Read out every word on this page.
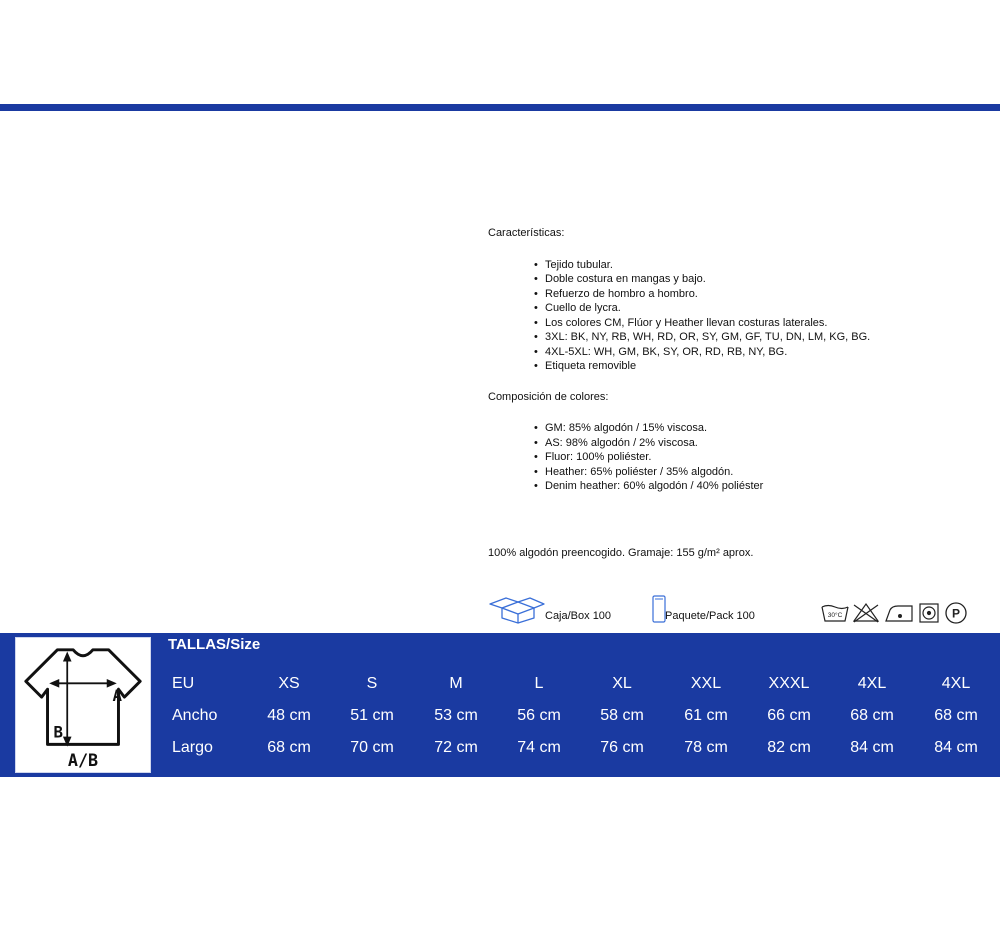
Características:
• Tejido tubular.
• Doble costura en mangas y bajo.
• Refuerzo de hombro a hombro.
• Cuello de lycra.
• Los colores CM, Flúor y Heather llevan costuras laterales.
• 3XL: BK, NY, RB, WH, RD, OR, SY, GM, GF, TU, DN, LM, KG, BG.
• 4XL-5XL: WH, GM, BK, SY, OR, RD, RB, NY, BG.
• Etiqueta removible
Composición de colores:
• GM: 85% algodón / 15% viscosa.
• AS: 98% algodón / 2% viscosa.
• Fluor: 100% poliéster.
• Heather: 65% poliéster / 35% algodón.
• Denim heather: 60% algodón / 40% poliéster
100% algodón preencogido. Gramaje: 155 g/m² aprox.
Caja/Box 100	Paquete/Pack 100	30°C	P
A
B
A/B
TALLAS/Size
EU	XS	S	M	L	XL	XXL	XXXL	4XL	4XL
Ancho	48 cm	51 cm	53 cm	56 cm	58 cm	61 cm	66 cm	68 cm	68 cm
Largo	68 cm	70 cm	72 cm	74 cm	76 cm	78 cm	82 cm	84 cm	84 cm
